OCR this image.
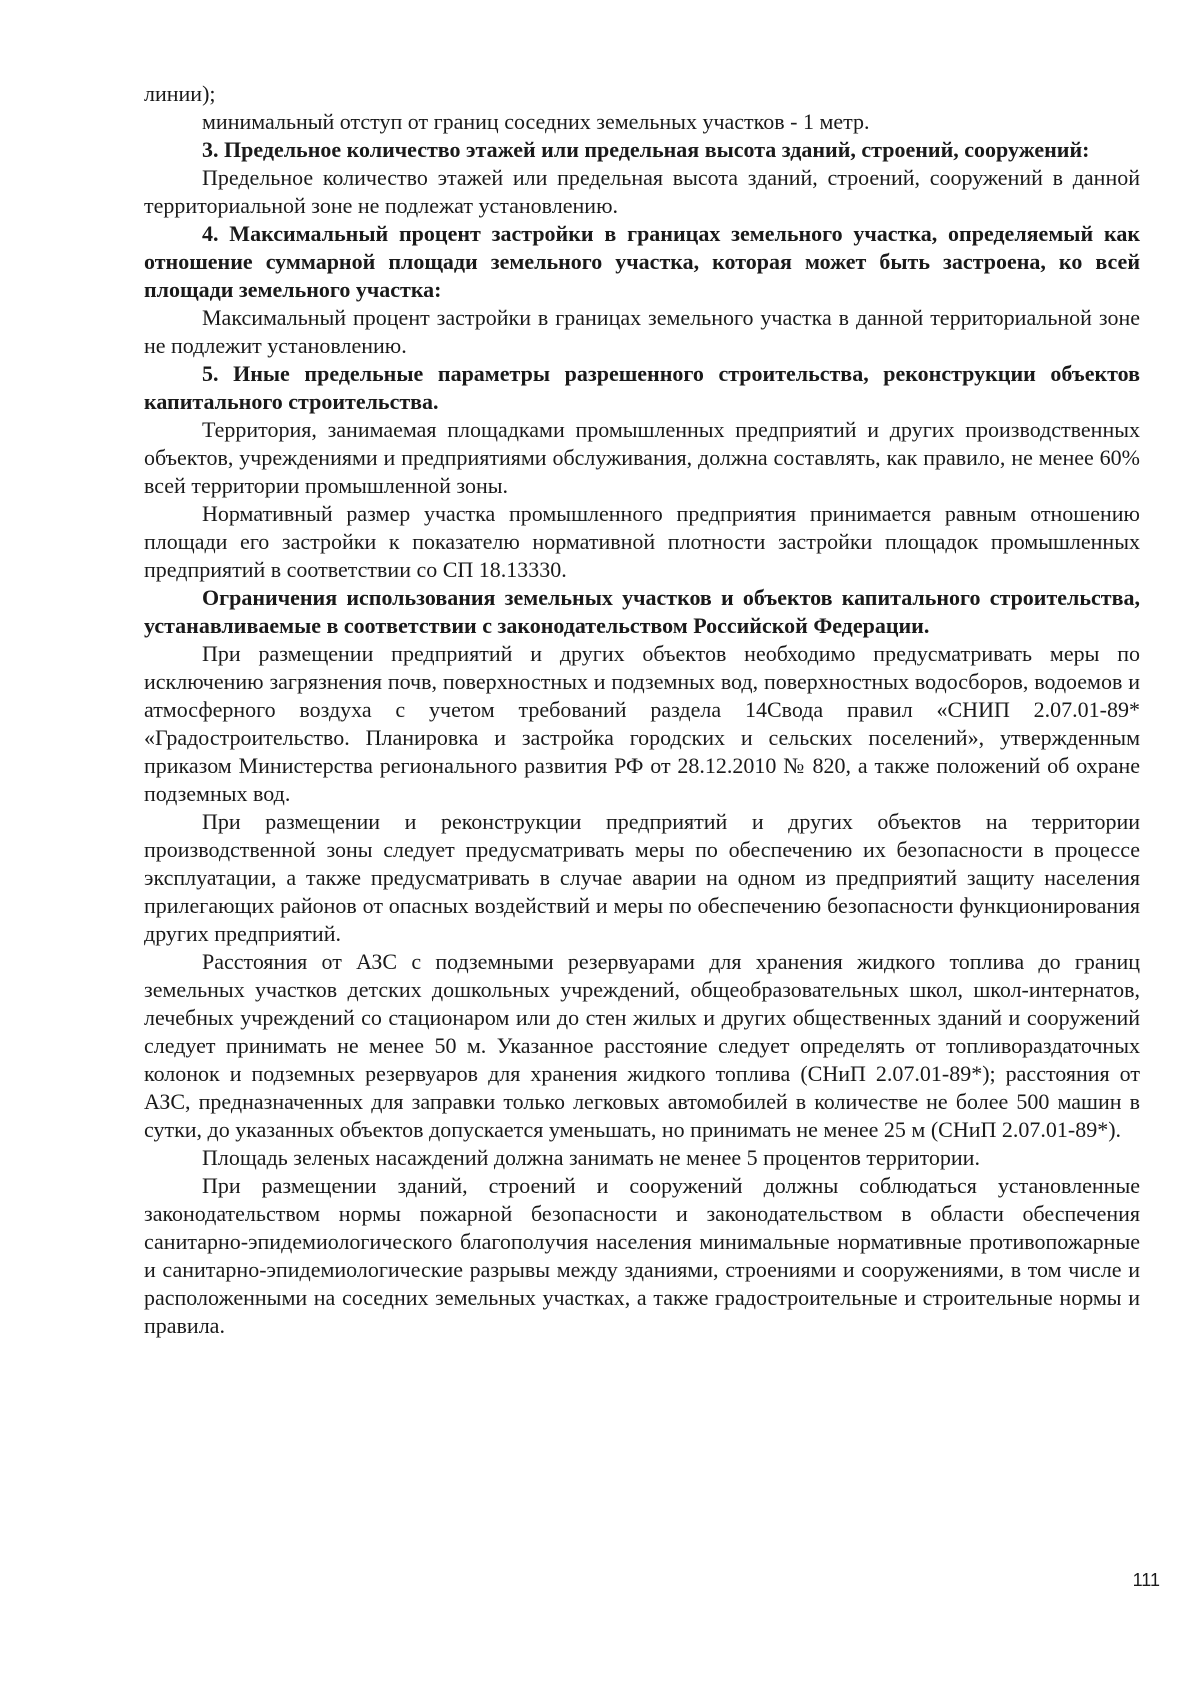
линии);

минимальный отступ от границ соседних земельных участков - 1 метр.

3. Предельное количество этажей или предельная высота зданий, строений, сооружений:

Предельное количество этажей или предельная высота зданий, строений, сооружений в данной территориальной зоне не подлежат установлению.

4. Максимальный процент застройки в границах земельного участка, определяемый как отношение суммарной площади земельного участка, которая может быть застроена, ко всей площади земельного участка:

Максимальный процент застройки в границах земельного участка в данной территориальной зоне не подлежит установлению.

5. Иные предельные параметры разрешенного строительства, реконструкции объектов капитального строительства.

Территория, занимаемая площадками промышленных предприятий и других производственных объектов, учреждениями и предприятиями обслуживания, должна составлять, как правило, не менее 60% всей территории промышленной зоны.

Нормативный размер участка промышленного предприятия принимается равным отношению площади его застройки к показателю нормативной плотности застройки площадок промышленных предприятий в соответствии со СП 18.13330.

Ограничения использования земельных участков и объектов капитального строительства, устанавливаемые в соответствии с законодательством Российской Федерации.

При размещении предприятий и других объектов необходимо предусматривать меры по исключению загрязнения почв, поверхностных и подземных вод, поверхностных водосборов, водоемов и атмосферного воздуха с учетом требований раздела 14Свода правил «СНИП 2.07.01-89* «Градостроительство. Планировка и застройка городских и сельских поселений», утвержденным приказом Министерства регионального развития РФ от 28.12.2010 № 820, а также положений об охране подземных вод.

При размещении и реконструкции предприятий и других объектов на территории производственной зоны следует предусматривать меры по обеспечению их безопасности в процессе эксплуатации, а также предусматривать в случае аварии на одном из предприятий защиту населения прилегающих районов от опасных воздействий и меры по обеспечению безопасности функционирования других предприятий.

Расстояния от АЗС с подземными резервуарами для хранения жидкого топлива до границ земельных участков детских дошкольных учреждений, общеобразовательных школ, школ-интернатов, лечебных учреждений со стационаром или до стен жилых и других общественных зданий и сооружений следует принимать не менее 50 м. Указанное расстояние следует определять от топливораздаточных колонок и подземных резервуаров для хранения жидкого топлива (СНиП 2.07.01-89*); расстояния от АЗС, предназначенных для заправки только легковых автомобилей в количестве не более 500 машин в сутки, до указанных объектов допускается уменьшать, но принимать не менее 25 м (СНиП 2.07.01-89*).

Площадь зеленых насаждений должна занимать не менее 5 процентов территории.

При размещении зданий, строений и сооружений должны соблюдаться установленные законодательством нормы пожарной безопасности и законодательством в области обеспечения санитарно-эпидемиологического благополучия населения минимальные нормативные противопожарные и санитарно-эпидемиологические разрывы между зданиями, строениями и сооружениями, в том числе и расположенными на соседних земельных участках, а также градостроительные и строительные нормы и правила.

111
